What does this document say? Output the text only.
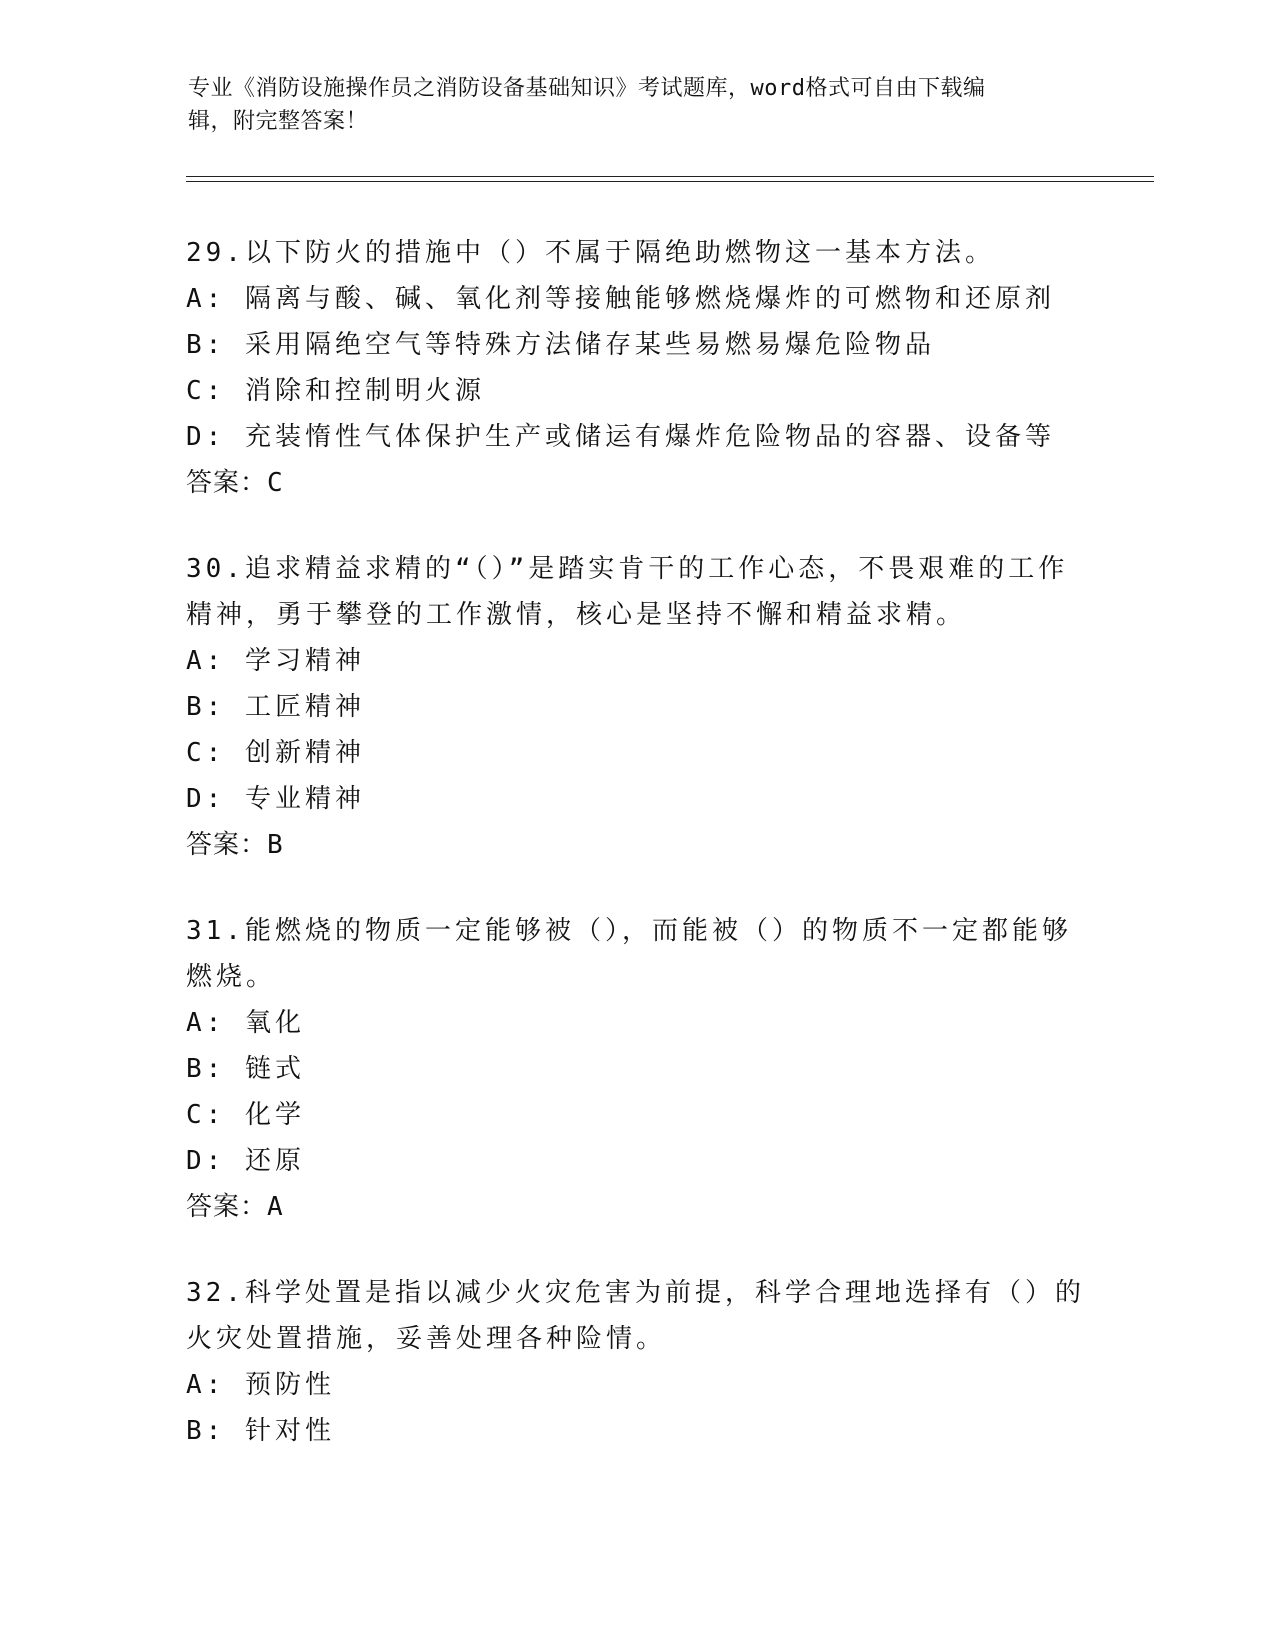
专业《消防设施操作员之消防设备基础知识》考试题库，word格式可自由下载编
辑，附完整答案！
29.以下防火的措施中（）不属于隔绝助燃物这一基本方法。
A: 隔离与酸、碱、氧化剂等接触能够燃烧爆炸的可燃物和还原剂
B: 采用隔绝空气等特殊方法储存某些易燃易爆危险物品
C: 消除和控制明火源
D: 充装惰性气体保护生产或储运有爆炸危险物品的容器、设备等
答案：C
30.追求精益求精的“（）”是踏实肯干的工作心态，不畏艰难的工作精神，勇于攀登的工作激情，核心是坚持不懈和精益求精。
A: 学习精神
B: 工匠精神
C: 创新精神
D: 专业精神
答案：B
31.能燃烧的物质一定能够被（），而能被（）的物质不一定都能够燃烧。
A: 氧化
B: 链式
C: 化学
D: 还原
答案：A
32.科学处置是指以减少火灾危害为前提，科学合理地选择有（）的火灾处置措施，妥善处理各种险情。
A: 预防性
B: 针对性
